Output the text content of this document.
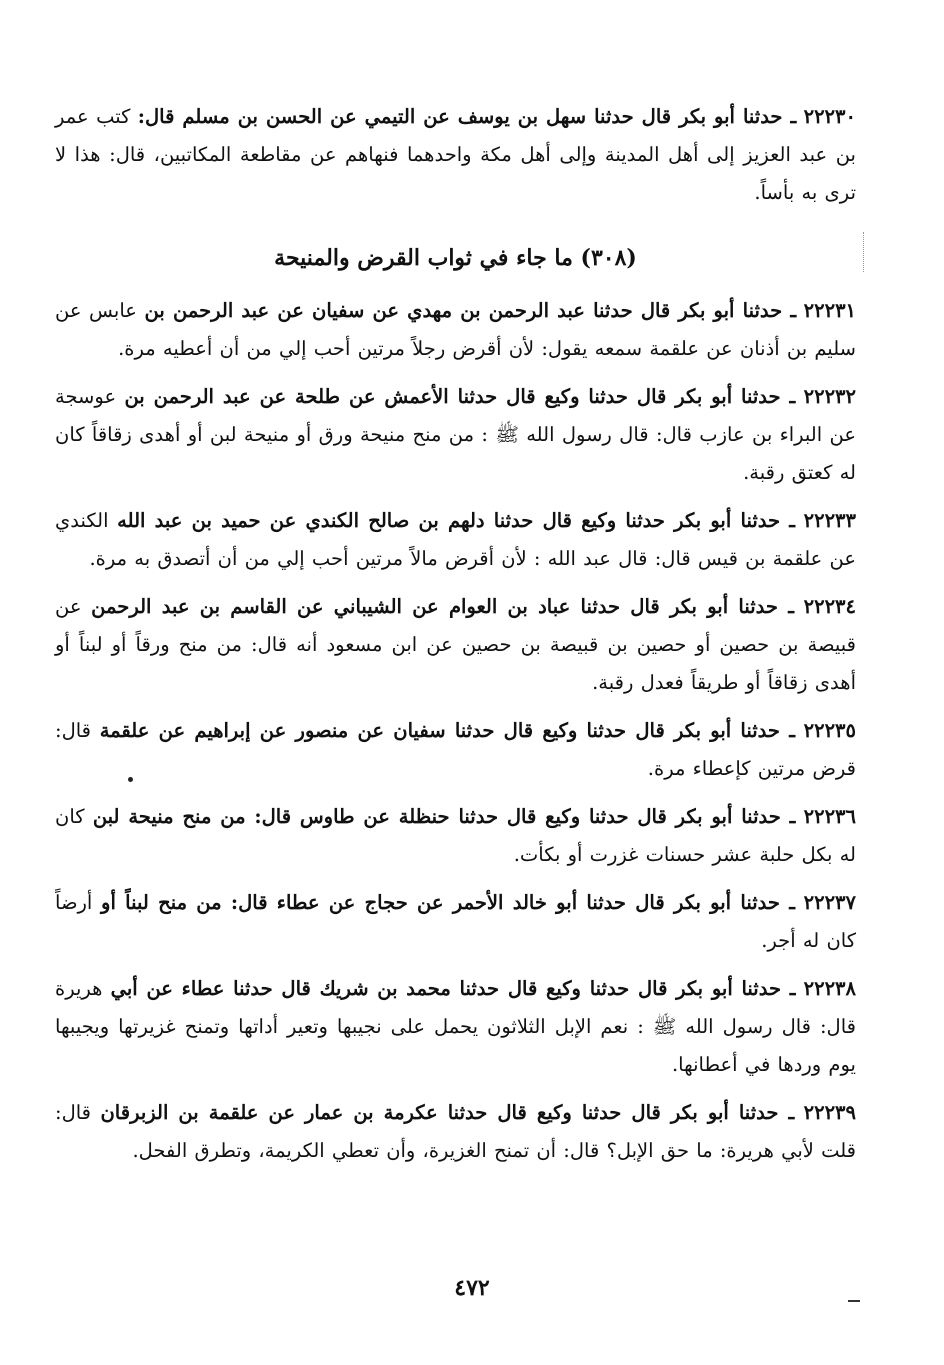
٢٢٢٣٠ ـ حدثنا أبو بكر قال حدثنا سهل بن يوسف عن التيمي عن الحسن بن مسلم قال: كتب عمر بن عبد العزيز إلى أهل المدينة وإلى أهل مكة واحدهما فنهاهم عن مقاطعة المكاتبين، قال: هذا لا ترى به بأساً.

(٣٠٨) ما جاء في ثواب القرض والمنيحة

٢٢٢٣١ ـ حدثنا أبو بكر قال حدثنا عبد الرحمن بن مهدي عن سفيان عن عبد الرحمن بن عابس عن سليم بن أذنان عن علقمة سمعه يقول: لأن أقرض رجلاً مرتين أحب إلي من أن أعطيه مرة.

٢٢٢٣٢ ـ حدثنا أبو بكر قال حدثنا وكيع قال حدثنا الأعمش عن طلحة عن عبد الرحمن بن عوسجة عن البراء بن عازب قال: قال رسول الله ﷺ : من منح منيحة ورق أو منيحة لبن أو أهدى زقاقاً كان له كعتق رقبة.

٢٢٢٣٣ ـ حدثنا أبو بكر حدثنا وكيع قال حدثنا دلهم بن صالح الكندي عن حميد بن عبد الله الكندي عن علقمة بن قيس قال: قال عبد الله : لأن أقرض مالاً مرتين أحب إلي من أن أتصدق به مرة.

٢٢٢٣٤ ـ حدثنا أبو بكر قال حدثنا عباد بن العوام عن الشيباني عن القاسم بن عبد الرحمن عن قبيصة بن حصين أو حصين بن قبيصة بن حصين عن ابن مسعود أنه قال: من منح ورقاً أو لبناً أو أهدى زقاقاً أو طريقاً فعدل رقبة.

٢٢٢٣٥ ـ حدثنا أبو بكر قال حدثنا وكيع قال حدثنا سفيان عن منصور عن إبراهيم عن علقمة قال: قرض مرتين كإعطاء مرة.

٢٢٢٣٦ ـ حدثنا أبو بكر قال حدثنا وكيع قال حدثنا حنظلة عن طاوس قال: من منح منيحة لبن كان له بكل حلبة عشر حسنات غزرت أو بكأت.

٢٢٢٣٧ ـ حدثنا أبو بكر قال حدثنا أبو خالد الأحمر عن حجاج عن عطاء قال: من منح لبناً أو أرضاً كان له أجر.

٢٢٢٣٨ ـ حدثنا أبو بكر قال حدثنا وكيع قال حدثنا محمد بن شريك قال حدثنا عطاء عن أبي هريرة قال: قال رسول الله ﷺ : نعم الإبل الثلاثون يحمل على نجيبها وتعير أداتها وتمنح غزيرتها ويجيبها يوم وردها في أعطانها.

٢٢٢٣٩ ـ حدثنا أبو بكر قال حدثنا وكيع قال حدثنا عكرمة بن عمار عن علقمة بن الزبرقان قال: قلت لأبي هريرة: ما حق الإبل؟ قال: أن تمنح الغزيرة، وأن تعطي الكريمة، وتطرق الفحل.

٤٧٢
